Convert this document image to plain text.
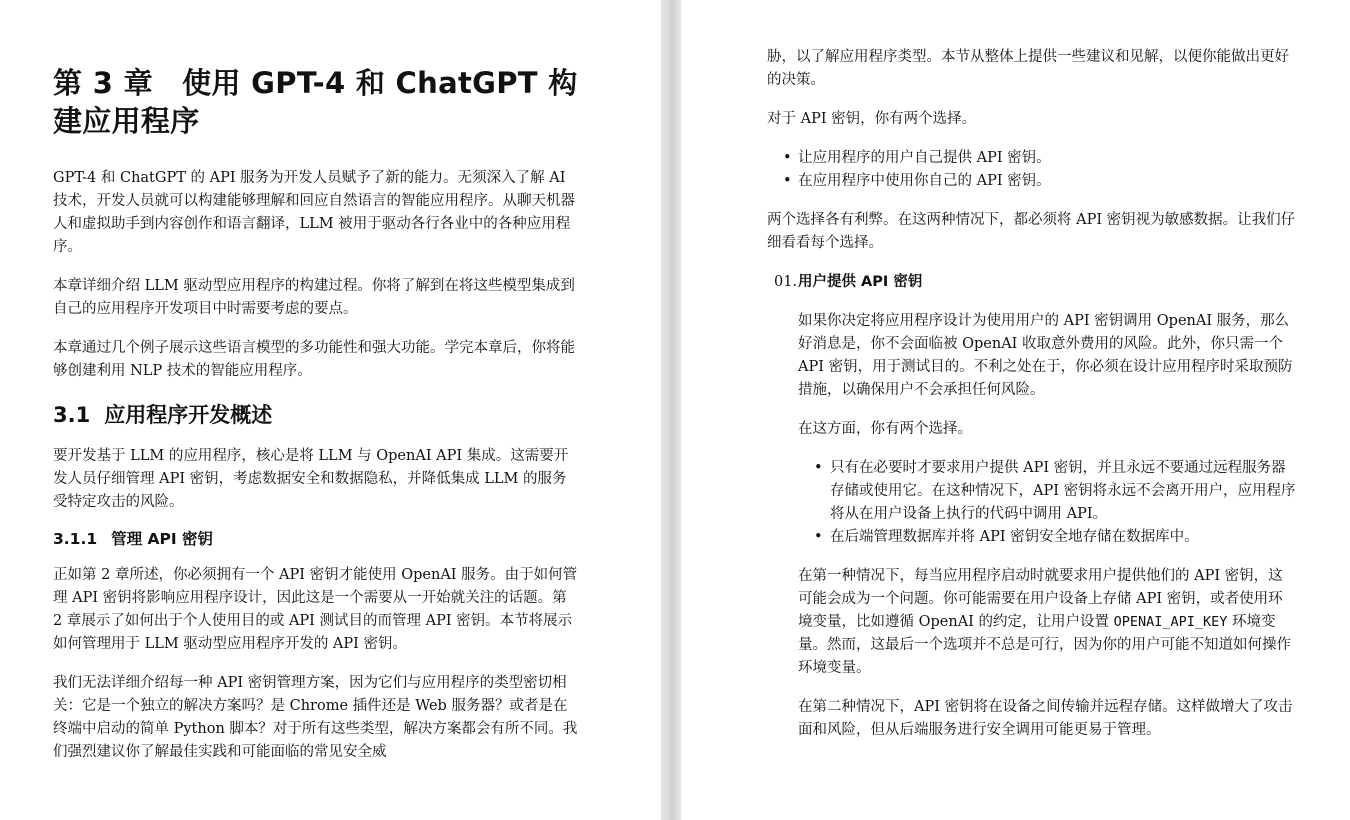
第 3 章　使用 GPT-4 和 ChatGPT 构
建应用程序

GPT-4 和 ChatGPT 的 API 服务为开发人员赋予了新的能力。无须深入了解 AI 技术，开发人员就可以构建能够理解和回应自然语言的智能应用程序。从聊天机器人和虚拟助手到内容创作和语言翻译，LLM 被用于驱动各行各业中的各种应用程序。

本章详细介绍 LLM 驱动型应用程序的构建过程。你将了解到在将这些模型集成到自己的应用程序开发项目中时需要考虑的要点。

本章通过几个例子展示这些语言模型的多功能性和强大功能。学完本章后，你将能够创建利用 NLP 技术的智能应用程序。

3.1 应用程序开发概述

要开发基于 LLM 的应用程序，核心是将 LLM 与 OpenAI API 集成。这需要开发人员仔细管理 API 密钥，考虑数据安全和数据隐私，并降低集成 LLM 的服务受特定攻击的风险。

3.1.1 管理 API 密钥

正如第 2 章所述，你必须拥有一个 API 密钥才能使用 OpenAI 服务。由于如何管理 API 密钥将影响应用程序设计，因此这是一个需要从一开始就关注的话题。第 2 章展示了如何出于个人使用目的或 API 测试目的而管理 API 密钥。本节将展示如何管理用于 LLM 驱动型应用程序开发的 API 密钥。

我们无法详细介绍每一种 API 密钥管理方案，因为它们与应用程序的类型密切相关：它是一个独立的解决方案吗？是 Chrome 插件还是 Web 服务器？或者是在终端中启动的简单 Python 脚本？对于所有这些类型，解决方案都会有所不同。我们强烈建议你了解最佳实践和可能面临的常见安全威

胁，以了解应用程序类型。本节从整体上提供一些建议和见解，以便你能做出更好的决策。

对于 API 密钥，你有两个选择。

• 让应用程序的用户自己提供 API 密钥。
• 在应用程序中使用你自己的 API 密钥。

两个选择各有利弊。在这两种情况下，都必须将 API 密钥视为敏感数据。让我们仔细看看每个选择。

01. 用户提供 API 密钥

如果你决定将应用程序设计为使用用户的 API 密钥调用 OpenAI 服务，那么好消息是，你不会面临被 OpenAI 收取意外费用的风险。此外，你只需一个 API 密钥，用于测试目的。不利之处在于，你必须在设计应用程序时采取预防措施，以确保用户不会承担任何风险。

在这方面，你有两个选择。

• 只有在必要时才要求用户提供 API 密钥，并且永远不要通过远程服务器存储或使用它。在这种情况下，API 密钥将永远不会离开用户，应用程序将从在用户设备上执行的代码中调用 API。
• 在后端管理数据库并将 API 密钥安全地存储在数据库中。

在第一种情况下，每当应用程序启动时就要求用户提供他们的 API 密钥，这可能会成为一个问题。你可能需要在用户设备上存储 API 密钥，或者使用环境变量，比如遵循 OpenAI 的约定，让用户设置 OPENAI_API_KEY 环境变量。然而，这最后一个选项并不总是可行，因为你的用户可能不知道如何操作环境变量。

在第二种情况下，API 密钥将在设备之间传输并远程存储。这样做增大了攻击面和风险，但从后端服务进行安全调用可能更易于管理。
